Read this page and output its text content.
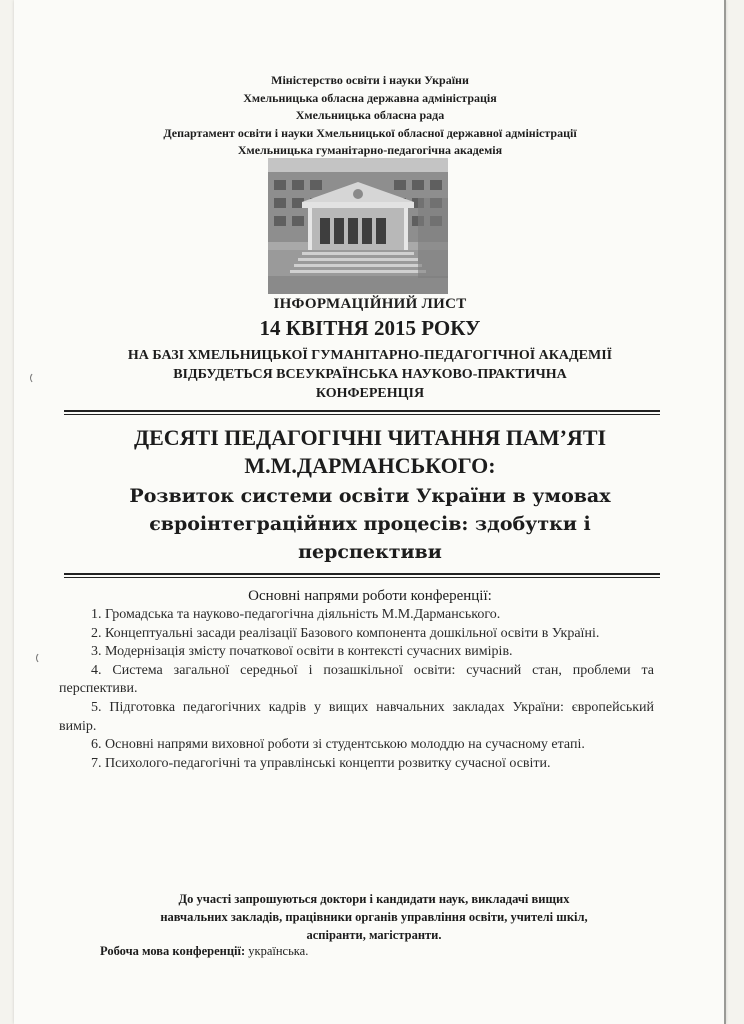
Міністерство освіти і науки України
Хмельницька обласна державна адміністрація
Хмельницька обласна рада
Департамент освіти і науки Хмельницької обласної державної адміністрації
Хмельницька гуманітарно-педагогічна академія
ІНФОРМАЦІЙНИЙ ЛИСТ
14 КВІТНЯ 2015 РОКУ
НА БАЗІ ХМЕЛЬНИЦЬКОЇ ГУМАНІТАРНО-ПЕДАГОГІЧНОЇ АКАДЕМІЇ
ВІДБУДЕТЬСЯ ВСЕУКРАЇНСЬКА НАУКОВО-ПРАКТИЧНА
КОНФЕРЕНЦІЯ
ДЕСЯТІ ПЕДАГОГІЧНІ ЧИТАННЯ ПАМ’ЯТІ
М.М.ДАРМАНСЬКОГО:
Розвиток системи освіти України в умовах
євроінтеграційних процесів: здобутки і
перспективи
Основні напрями роботи конференції:

1. Громадська та науково-педагогічна діяльність М.М.Дарманського.

2. Концептуальні засади реалізації Базового компонента дошкільної освіти в Україні.

3. Модернізація змісту початкової освіти в контексті сучасних вимірів.

4. Система загальної середньої і позашкільної освіти: сучасний стан, проблеми та перспективи.

5. Підготовка педагогічних кадрів у вищих навчальних закладах України: європейський вимір.

6. Основні напрями виховної роботи зі студентською молоддю на сучасному етапі.

7. Психолого-педагогічні та управлінські концепти розвитку сучасної освіти.

До участі запрошуються доктори і кандидати наук, викладачі вищих
навчальних закладів, працівники органів управління освіти, учителі шкіл,
аспіранти, магістранти.
Робоча мова конференції: українська.
